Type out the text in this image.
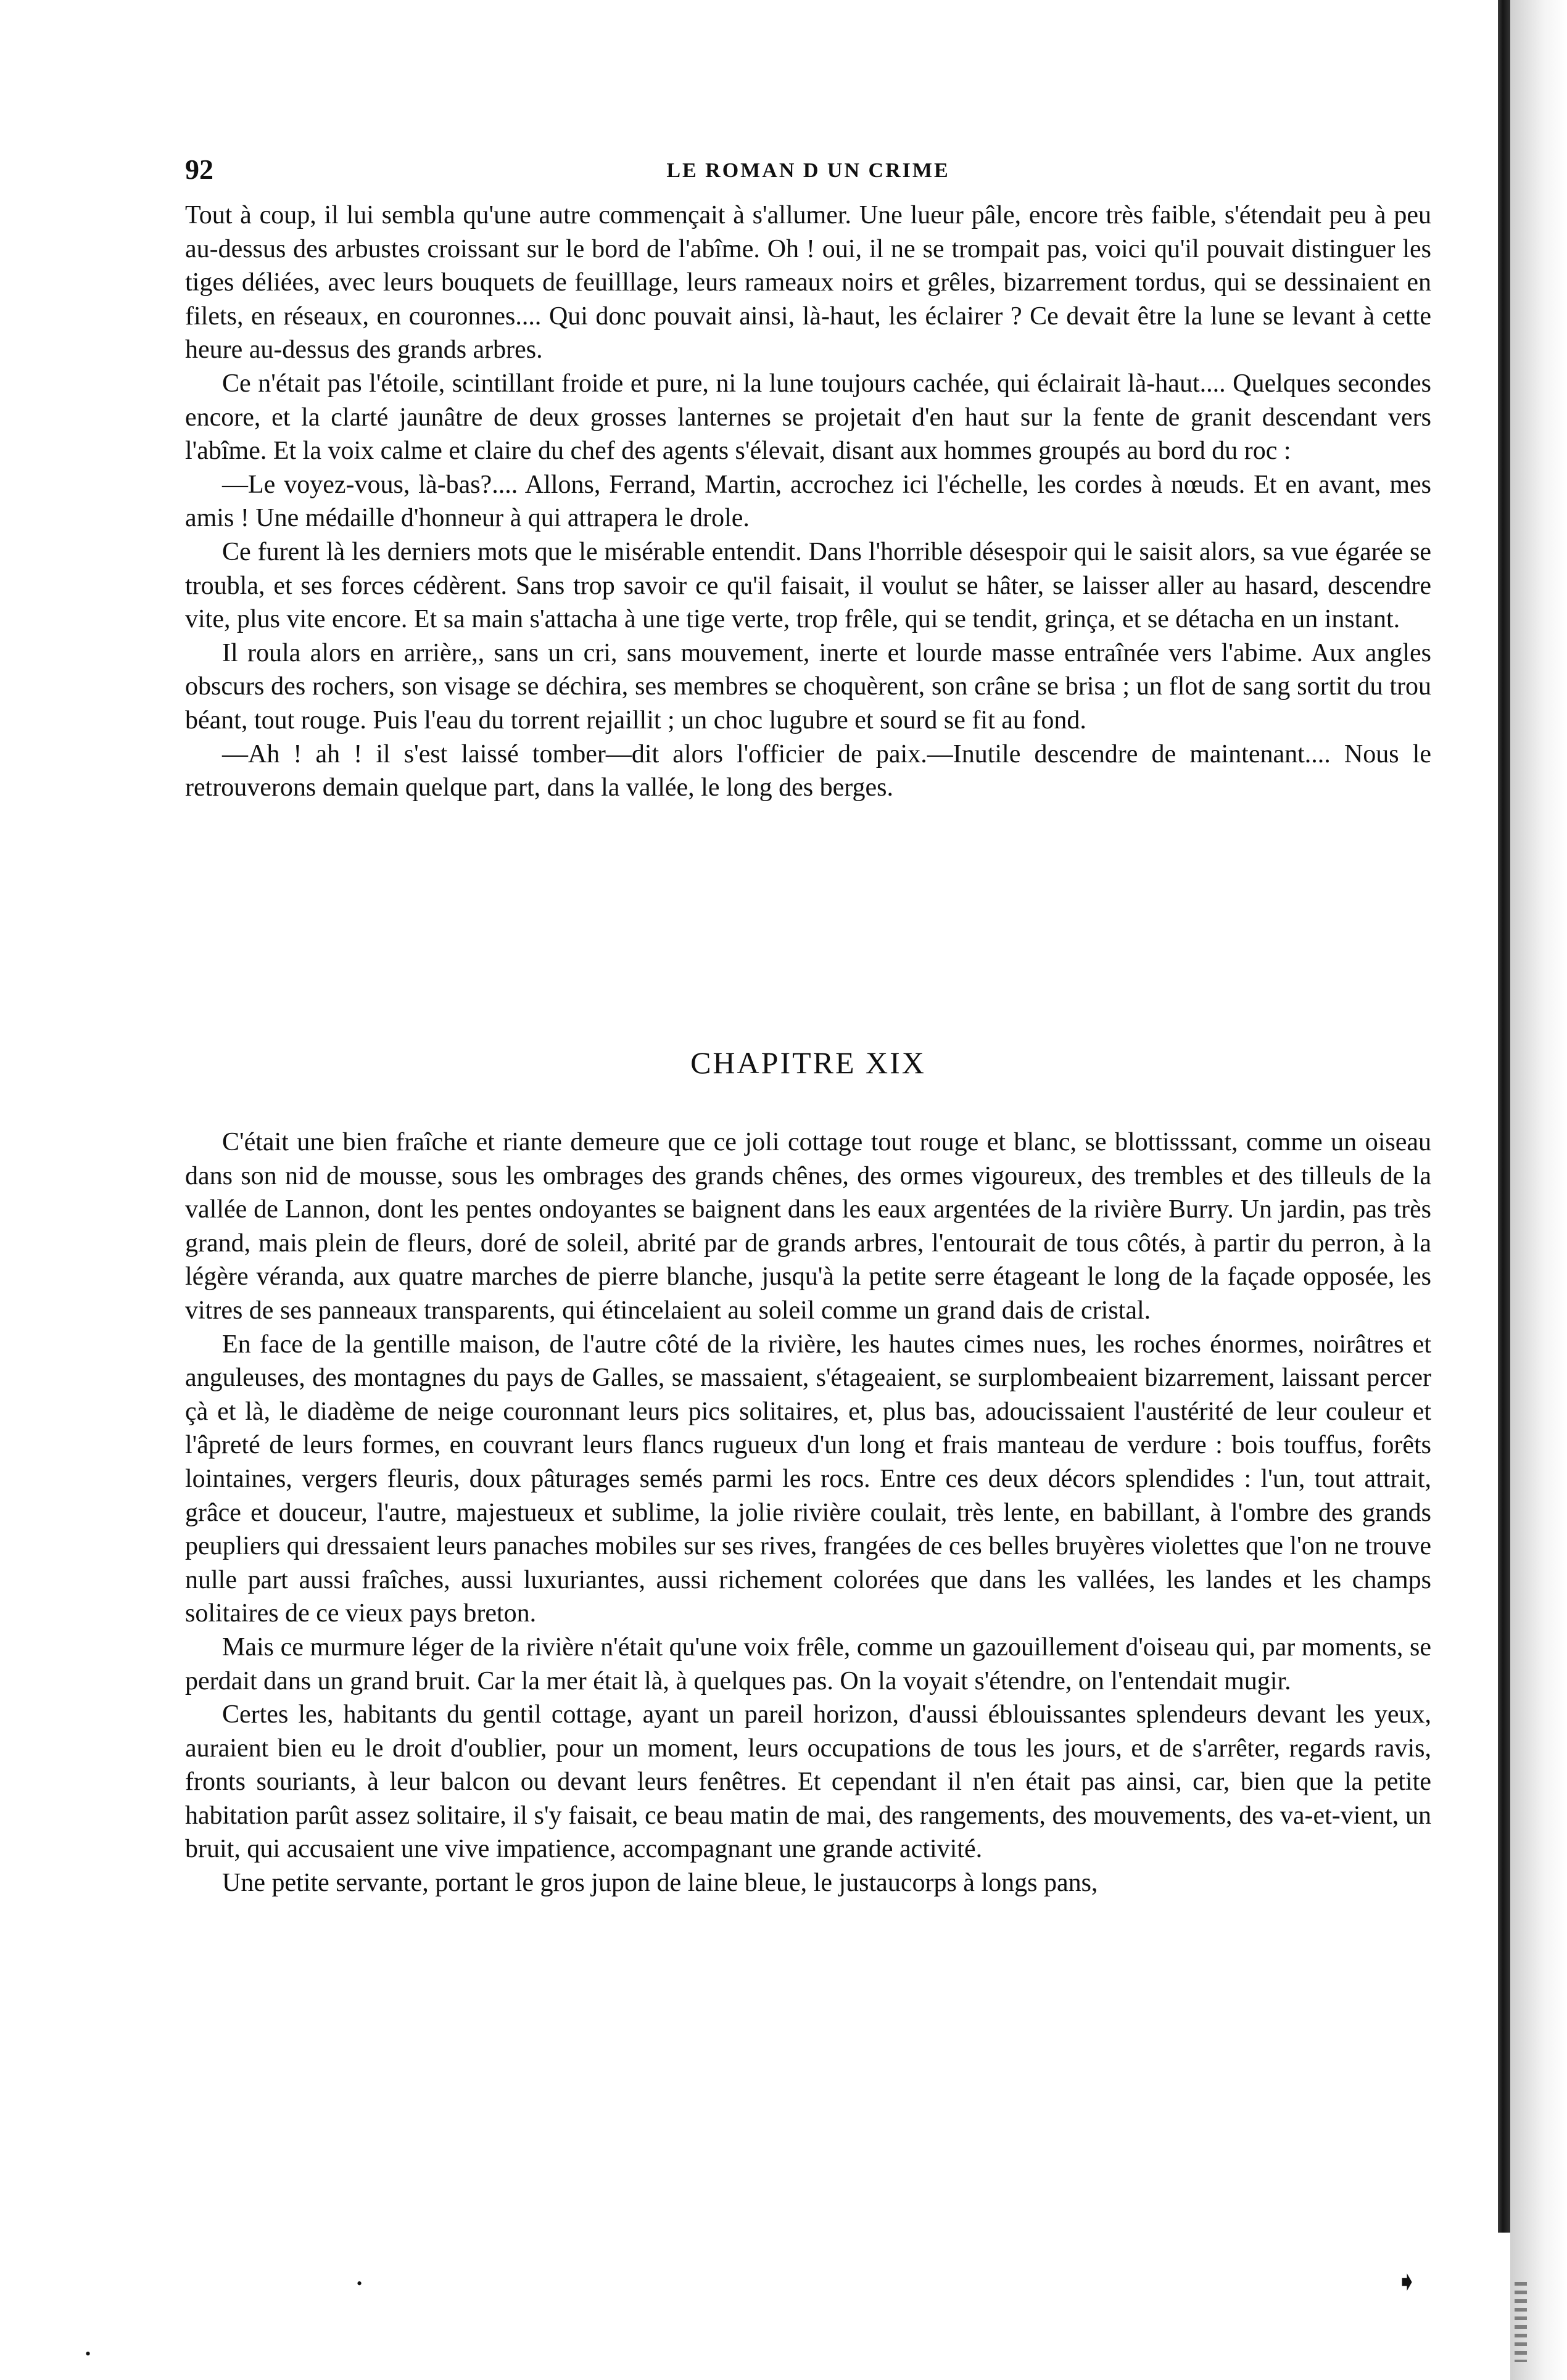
92	LE ROMAN D UN CRIME

Tout à coup, il lui sembla qu'une autre commençait à s'allumer. Une lueur pâle, encore très faible, s'étendait peu à peu au-dessus des arbustes croissant sur le bord de l'abîme. Oh ! oui, il ne se trompait pas, voici qu'il pouvait distinguer les tiges déliées, avec leurs bouquets de feuilllage, leurs rameaux noirs et grêles, bizarrement tordus, qui se dessinaient en filets, en réseaux, en couronnes.... Qui donc pouvait ainsi, là-haut, les éclairer ? Ce devait être la lune se levant à cette heure au-dessus des grands arbres.

Ce n'était pas l'étoile, scintillant froide et pure, ni la lune toujours cachée, qui éclairait là-haut.... Quelques secondes encore, et la clarté jaunâtre de deux grosses lanternes se projetait d'en haut sur la fente de granit descendant vers l'abîme. Et la voix calme et claire du chef des agents s'élevait, disant aux hommes groupés au bord du roc :

—Le voyez-vous, là-bas?.... Allons, Ferrand, Martin, accrochez ici l'échelle, les cordes à nœuds. Et en avant, mes amis ! Une médaille d'honneur à qui attrapera le drole.

Ce furent là les derniers mots que le misérable entendit. Dans l'horrible désespoir qui le saisit alors, sa vue égarée se troubla, et ses forces cédèrent. Sans trop savoir ce qu'il faisait, il voulut se hâter, se laisser aller au hasard, descendre vite, plus vite encore. Et sa main s'attacha à une tige verte, trop frêle, qui se tendit, grinça, et se détacha en un instant.

Il roula alors en arrière,, sans un cri, sans mouvement, inerte et lourde masse entraînée vers l'abime. Aux angles obscurs des rochers, son visage se déchira, ses membres se choquèrent, son crâne se brisa ; un flot de sang sortit du trou béant, tout rouge. Puis l'eau du torrent rejaillit ; un choc lugubre et sourd se fit au fond.

—Ah ! ah ! il s'est laissé tomber—dit alors l'officier de paix.—Inutile descendre de maintenant.... Nous le retrouverons demain quelque part, dans la vallée, le long des berges.

CHAPITRE XIX

C'était une bien fraîche et riante demeure que ce joli cottage tout rouge et blanc, se blottisssant, comme un oiseau dans son nid de mousse, sous les ombrages des grands chênes, des ormes vigoureux, des trembles et des tilleuls de la vallée de Lannon, dont les pentes ondoyantes se baignent dans les eaux argentées de la rivière Burry. Un jardin, pas très grand, mais plein de fleurs, doré de soleil, abrité par de grands arbres, l'entourait de tous côtés, à partir du perron, à la légère véranda, aux quatre marches de pierre blanche, jusqu'à la petite serre étageant le long de la façade opposée, les vitres de ses panneaux transparents, qui étincelaient au soleil comme un grand dais de cristal.

En face de la gentille maison, de l'autre côté de la rivière, les hautes cimes nues, les roches énormes, noirâtres et anguleuses, des montagnes du pays de Galles, se massaient, s'étageaient, se surplombeaient bizarrement, laissant percer çà et là, le diadème de neige couronnant leurs pics solitaires, et, plus bas, adoucissaient l'austérité de leur couleur et l'âpreté de leurs formes, en couvrant leurs flancs rugueux d'un long et frais manteau de verdure : bois touffus, forêts lointaines, vergers fleuris, doux pâturages semés parmi les rocs. Entre ces deux décors splendides : l'un, tout attrait, grâce et douceur, l'autre, majestueux et sublime, la jolie rivière coulait, très lente, en babillant, à l'ombre des grands peupliers qui dressaient leurs panaches mobiles sur ses rives, frangées de ces belles bruyères violettes que l'on ne trouve nulle part aussi fraîches, aussi luxuriantes, aussi richement colorées que dans les vallées, les landes et les champs solitaires de ce vieux pays breton.

Mais ce murmure léger de la rivière n'était qu'une voix frêle, comme un gazouillement d'oiseau qui, par moments, se perdait dans un grand bruit. Car la mer était là, à quelques pas. On la voyait s'étendre, on l'entendait mugir.

Certes les, habitants du gentil cottage, ayant un pareil horizon, d'aussi éblouissantes splendeurs devant les yeux, auraient bien eu le droit d'oublier, pour un moment, leurs occupations de tous les jours, et de s'arrêter, regards ravis, fronts souriants, à leur balcon ou devant leurs fenêtres. Et cependant il n'en était pas ainsi, car, bien que la petite habitation parût assez solitaire, il s'y faisait, ce beau matin de mai, des rangements, des mouvements, des va-et-vient, un bruit, qui accusaient une vive impatience, accompagnant une grande activité.

Une petite servante, portant le gros jupon de laine bleue, le justaucorps à longs pans,

➧
•
•
